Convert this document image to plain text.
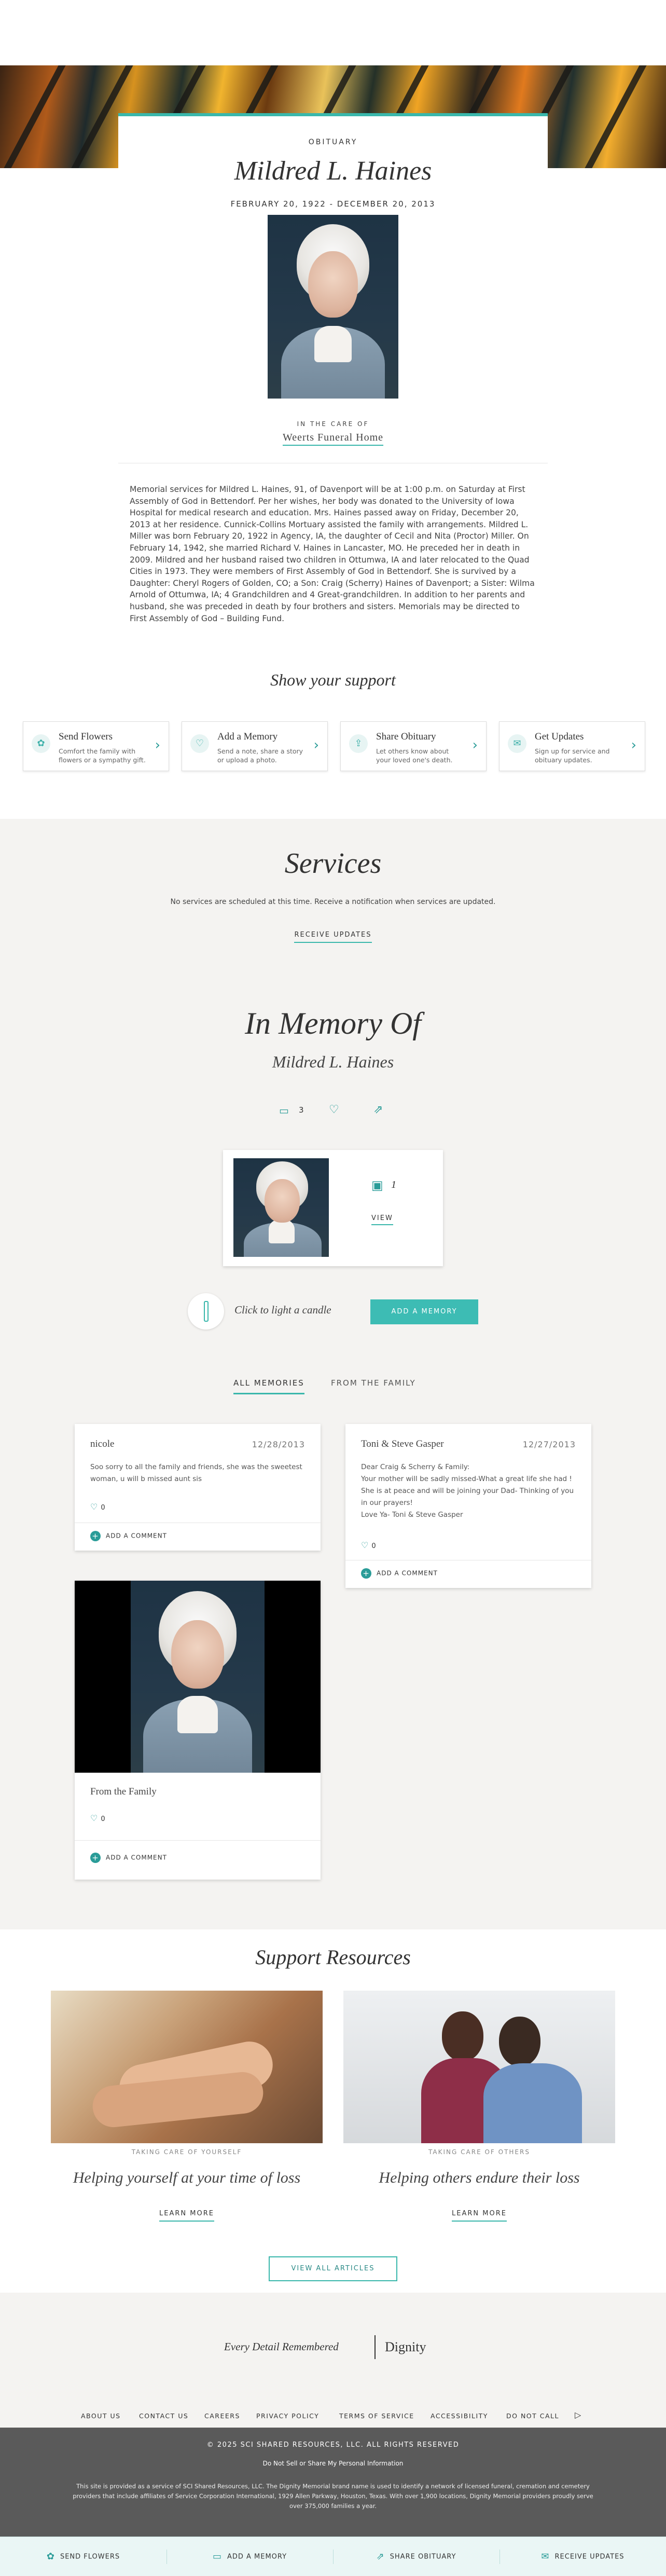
OBITUARY
Mildred L. Haines
FEBRUARY 20, 1922 - DECEMBER 20, 2013
IN THE CARE OF
Weerts Funeral Home
Memorial services for Mildred L. Haines, 91, of Davenport will be at 1:00 p.m. on Saturday at First Assembly of God in Bettendorf. Per her wishes, her body was donated to the University of Iowa Hospital for medical research and education. Mrs. Haines passed away on Friday, December 20, 2013 at her residence. Cunnick-Collins Mortuary assisted the family with arrangements. Mildred L. Miller was born February 20, 1922 in Agency, IA, the daughter of Cecil and Nita (Proctor) Miller. On February 14, 1942, she married Richard V. Haines in Lancaster, MO. He preceded her in death in 2009. Mildred and her husband raised two children in Ottumwa, IA and later relocated to the Quad Cities in 1973. They were members of First Assembly of God in Bettendorf. She is survived by a Daughter: Cheryl Rogers of Golden, CO; a Son: Craig (Scherry) Haines of Davenport; a Sister: Wilma Arnold of Ottumwa, IA; 4 Grandchildren and 4 Great-grandchildren. In addition to her parents and husband, she was preceded in death by four brothers and sisters. Memorials may be directed to First Assembly of God – Building Fund.
Show your support
✿
Send Flowers
Comfort the family with flowers or a sympathy gift.
›	♡
Add a Memory
Send a note, share a story or upload a photo.
›	⇪
Share Obituary
Let others know about your loved one's death.
›	✉
Get Updates
Sign up for service and obituary updates.
›
Services
No services are scheduled at this time. Receive a notification when services are updated.
RECEIVE UPDATES
In Memory Of
Mildred L. Haines
▭ 3 ♡	⇗
▣ 1
VIEW
Click to light a candle	ADD A MEMORY
ALL MEMORIES	FROM THE FAMILY
nicole	12/28/2013
Soo sorry to all the family and friends, she was the sweetest woman, u will b missed aunt sis
♡ 0
+ ADD A COMMENT
Toni & Steve Gasper	12/27/2013
Dear Craig & Scherry & Family:
Your mother will be sadly missed-What a great life she had !
She is at peace and will be joining your Dad- Thinking of you
in our prayers!
Love Ya- Toni & Steve Gasper
♡ 0
+ ADD A COMMENT
From the Family
♡ 0
+ ADD A COMMENT
Support Resources
TAKING CARE OF YOURSELF
Helping yourself at your time of loss
LEARN MORE
TAKING CARE OF OTHERS
Helping others endure their loss
LEARN MORE
VIEW ALL ARTICLES
Every Detail Remembered	Dignity
ABOUT US	CONTACT US CAREERS PRIVACY POLICY	TERMS OF SERVICE	ACCESSIBILITY	DO NOT CALL ▷
© 2025 SCI SHARED RESOURCES, LLC. ALL RIGHTS RESERVED
Do Not Sell or Share My Personal Information
This site is provided as a service of SCI Shared Resources, LLC. The Dignity Memorial brand name is used to identify a network of licensed funeral, cremation and cemetery
providers that include affiliates of Service Corporation International, 1929 Allen Parkway, Houston, Texas. With over 1,900 locations, Dignity Memorial providers proudly serve
over 375,000 families a year.
✿ SEND FLOWERS	▭ ADD A MEMORY	⇗ SHARE OBITUARY	✉ RECEIVE UPDATES
